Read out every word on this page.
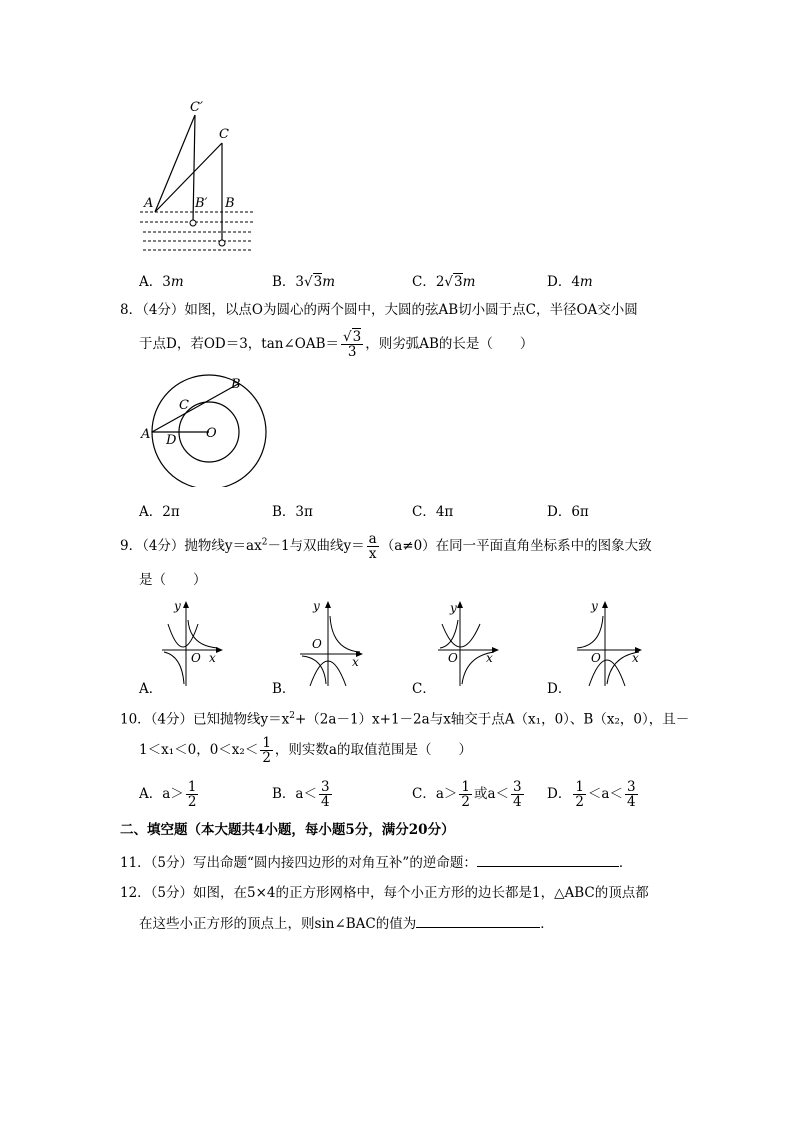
C′
C
A	B′ B
A．3m	B．3√3m	C．2√3m	D．4m
8．（4分）如图，以点O为圆心的两个圆中，大圆的弦AB切小圆于点C，半径OA交小圆
于点D，若OD＝3，tan∠OAB＝ $\frac{√3}{3}$ ，则劣弧AB的长是（　　）
B
C
A D O
A．2π	B．3π	C．4π	D．6π
9．（4分）抛物线$y=ax^2-1$与双曲线$y= \frac{a}{x} (a\ne 0)$在同一平面直角坐标系中的图象大致
是（　　）
y
O x
y
O
x
y
O x
y
O	x
A．	B．	C．	D．
10．（4分）已知抛物线$y=x^2+(2a-1)x+1-2a$与x轴交于点A（x₁，0）、B（x₂，0），且－
1＜x₁＜0，$0<x_2< \frac{1}{2}$ ，则实数a的取值范围是（　　）
A．$a> \frac{1}{2}$	B．$a< \frac{3}{4}$	C．$a> \frac{1}{2}$ 或$a< \frac{3}{4}$ D． $\frac{1}{2} <a< \frac{3}{4}$
二、填空题（本大题共4小题，每小题5分，满分20分）
11．（5分）写出命题“圆内接四边形的对角互补”的逆命题：	．
12．（5分）如图，在5×4的正方形网格中，每个小正方形的边长都是1，△ABC的顶点都
在这些小正方形的顶点上，则sin∠BAC的值为	．
